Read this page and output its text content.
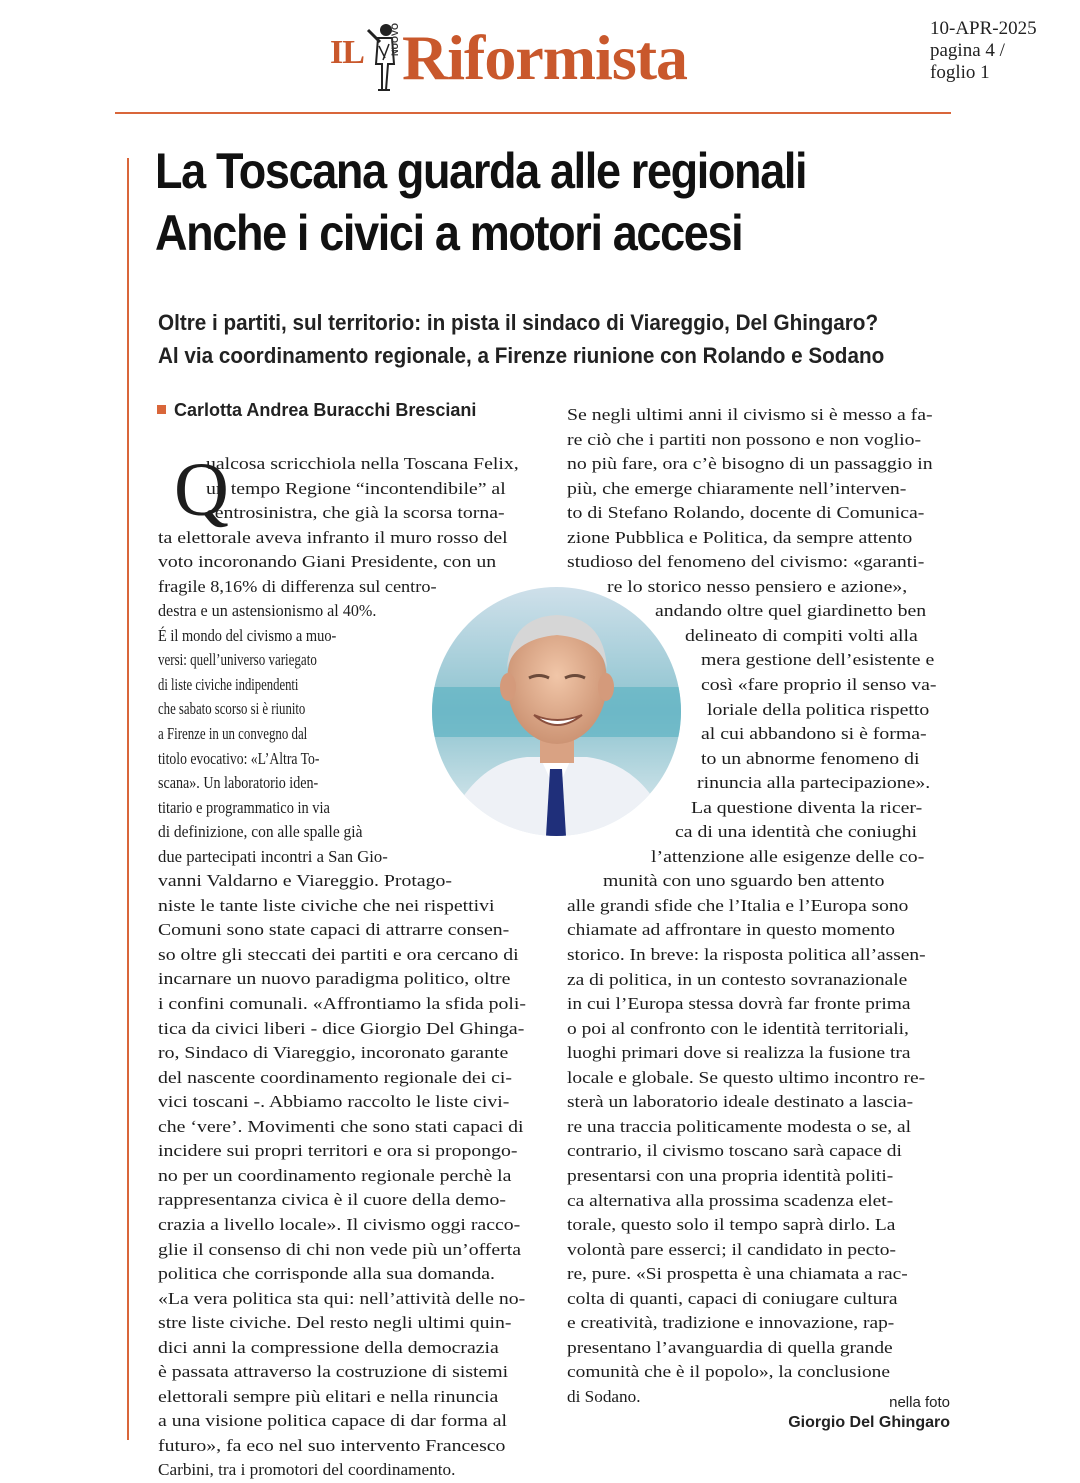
IL	NUOVO Riformista	10-APR-2025
pagina 4 /
foglio 1
La Toscana guarda alle regionali
Anche i civici a motori accesi
Oltre i partiti, sul territorio: in pista il sindaco di Viareggio, Del Ghingaro?
Al via coordinamento regionale, a Firenze riunione con Rolando e Sodano
Carlotta Andrea Buracchi Bresciani
Q
ualcosa scricchiola nella Toscana Felix,
un tempo Regione “incontendibile” al
centrosinistra, che già la scorsa torna-
ta elettorale aveva infranto il muro rosso del
voto incoronando Giani Presidente, con un
fragile 8,16% di differenza sul centro-
destra e un astensionismo al 40%.
É il mondo del civismo a muo-
versi: quell’universo variegato
di liste civiche indipendenti
che sabato scorso si è riunito
a Firenze in un convegno dal
titolo evocativo: «L’Altra To-
scana». Un laboratorio iden-
titario e programmatico in via
di definizione, con alle spalle già
due partecipati incontri a San Gio-
vanni Valdarno e Viareggio. Protago-
niste le tante liste civiche che nei rispettivi
Comuni sono state capaci di attrarre consen-
so oltre gli steccati dei partiti e ora cercano di
incarnare un nuovo paradigma politico, oltre
i confini comunali. «Affrontiamo la sfida poli-
tica da civici liberi - dice Giorgio Del Ghinga-
ro, Sindaco di Viareggio, incoronato garante
del nascente coordinamento regionale dei ci-
vici toscani -. Abbiamo raccolto le liste civi-
che ‘vere’. Movimenti che sono stati capaci di
incidere sui propri territori e ora si propongo-
no per un coordinamento regionale perchè la
rappresentanza civica è il cuore della demo-
crazia a livello locale». Il civismo oggi racco-
glie il consenso di chi non vede più un’offerta
politica che corrisponde alla sua domanda.
«La vera politica sta qui: nell’attività delle no-
stre liste civiche. Del resto negli ultimi quin-
dici anni la compressione della democrazia
è passata attraverso la costruzione di sistemi
elettorali sempre più elitari e nella rinuncia
a una visione politica capace di dar forma al
futuro», fa eco nel suo intervento Francesco
Carbini, tra i promotori del coordinamento.
Se negli ultimi anni il civismo si è messo a fa-
re ciò che i partiti non possono e non voglio-
no più fare, ora c’è bisogno di un passaggio in
più, che emerge chiaramente nell’interven-
to di Stefano Rolando, docente di Comunica-
zione Pubblica e Politica, da sempre attento
studioso del fenomeno del civismo: «garanti-
re lo storico nesso pensiero e azione»,
andando oltre quel giardinetto ben
delineato di compiti volti alla
mera gestione dell’esistente e
così «fare proprio il senso va-
loriale della politica rispetto
al cui abbandono si è forma-
to un abnorme fenomeno di
rinuncia alla partecipazione».
La questione diventa la ricer-
ca di una identità che coniughi
l’attenzione alle esigenze delle co-
munità con uno sguardo ben attento
alle grandi sfide che l’Italia e l’Europa sono
chiamate ad affrontare in questo momento
storico. In breve: la risposta politica all’assen-
za di politica, in un contesto sovranazionale
in cui l’Europa stessa dovrà far fronte prima
o poi al confronto con le identità territoriali,
luoghi primari dove si realizza la fusione tra
locale e globale. Se questo ultimo incontro re-
sterà un laboratorio ideale destinato a lascia-
re una traccia politicamente modesta o se, al
contrario, il civismo toscano sarà capace di
presentarsi con una propria identità politi-
ca alternativa alla prossima scadenza elet-
torale, questo solo il tempo saprà dirlo. La
volontà pare esserci; il candidato in pecto-
re, pure. «Si prospetta è una chiamata a rac-
colta di quanti, capaci di coniugare cultura
e creatività, tradizione e innovazione, rap-
presentano l’avanguardia di quella grande
comunità che è il popolo», la conclusione
di Sodano.	nella foto
Giorgio Del Ghingaro
